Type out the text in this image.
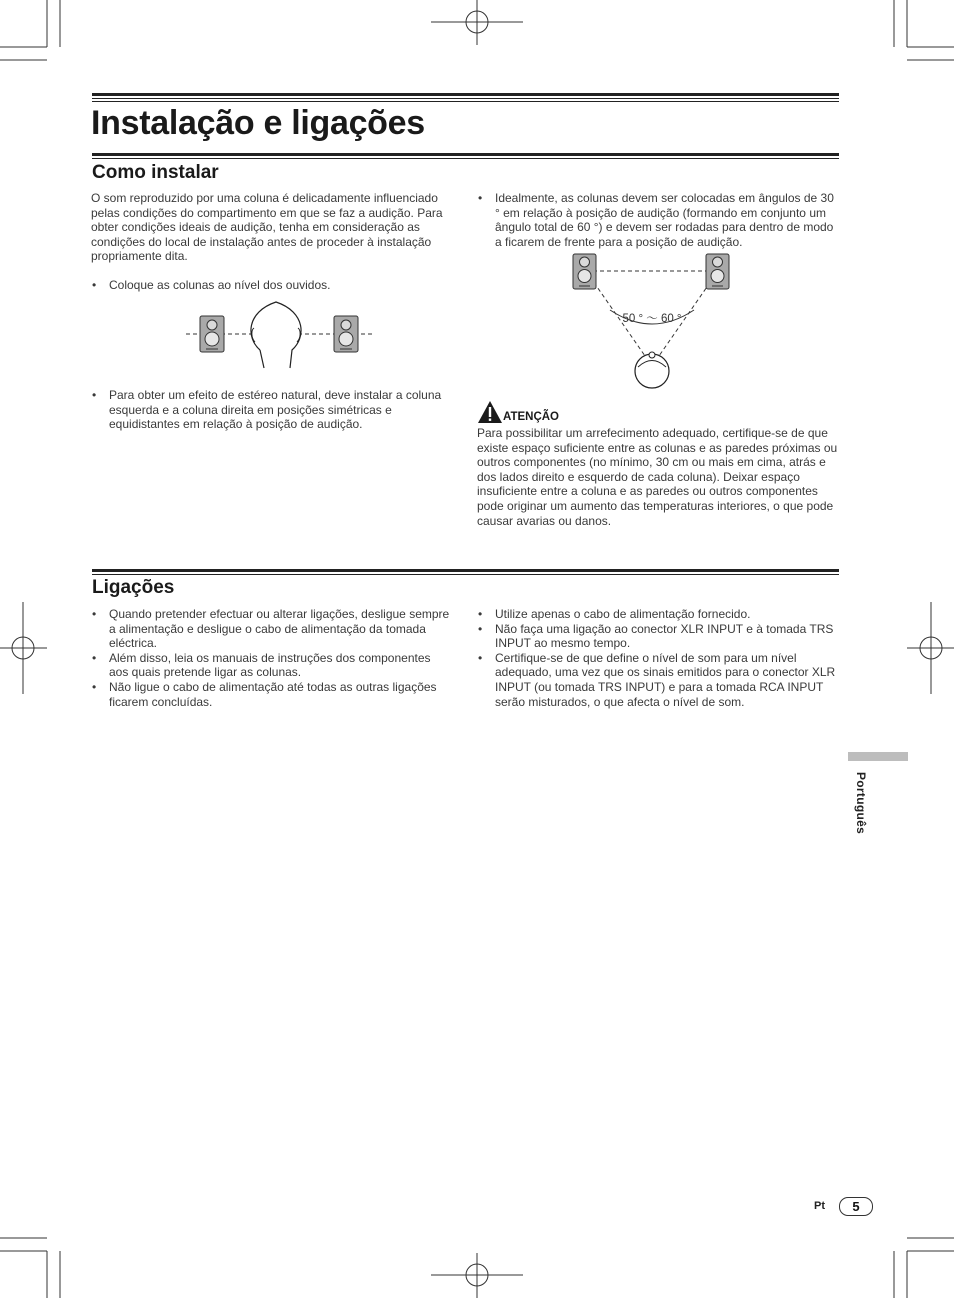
Instalação e ligações
Como instalar
O som reproduzido por uma coluna é delicadamente influenciado pelas condições do compartimento em que se faz a audição. Para obter condições ideais de audição, tenha em consideração as condições do local de instalação antes de proceder à instalação propriamente dita.
• Coloque as colunas ao nível dos ouvidos.
• Para obter um efeito de estéreo natural, deve instalar a coluna esquerda e a coluna direita em posições simétricas e equidistantes em relação à posição de audição.
• Idealmente, as colunas devem ser colocadas em ângulos de 30 ° em relação à posição de audição (formando em conjunto um ângulo total de 60 °) e devem ser rodadas para dentro de modo a ficarem de frente para a posição de audição.
50 ° ～ 60 °
ATENÇÃO
Para possibilitar um arrefecimento adequado, certifique-se de que existe espaço suficiente entre as colunas e as paredes próximas ou outros componentes (no mínimo, 30 cm ou mais em cima, atrás e dos lados direito e esquerdo de cada coluna). Deixar espaço insuficiente entre a coluna e as paredes ou outros componentes pode originar um aumento das temperaturas interiores, o que pode causar avarias ou danos.
Ligações
• Quando pretender efectuar ou alterar ligações, desligue sempre a alimentação e desligue o cabo de alimentação da tomada eléctrica.
• Além disso, leia os manuais de instruções dos componentes aos quais pretende ligar as colunas.
• Não ligue o cabo de alimentação até todas as outras ligações ficarem concluídas.
• Utilize apenas o cabo de alimentação fornecido.
• Não faça uma ligação ao conector XLR INPUT e à tomada TRS INPUT ao mesmo tempo.
• Certifique-se de que define o nível de som para um nível adequado, uma vez que os sinais emitidos para o conector XLR INPUT (ou tomada TRS INPUT) e para a tomada RCA INPUT serão misturados, o que afecta o nível de som.
Português
Pt	5
